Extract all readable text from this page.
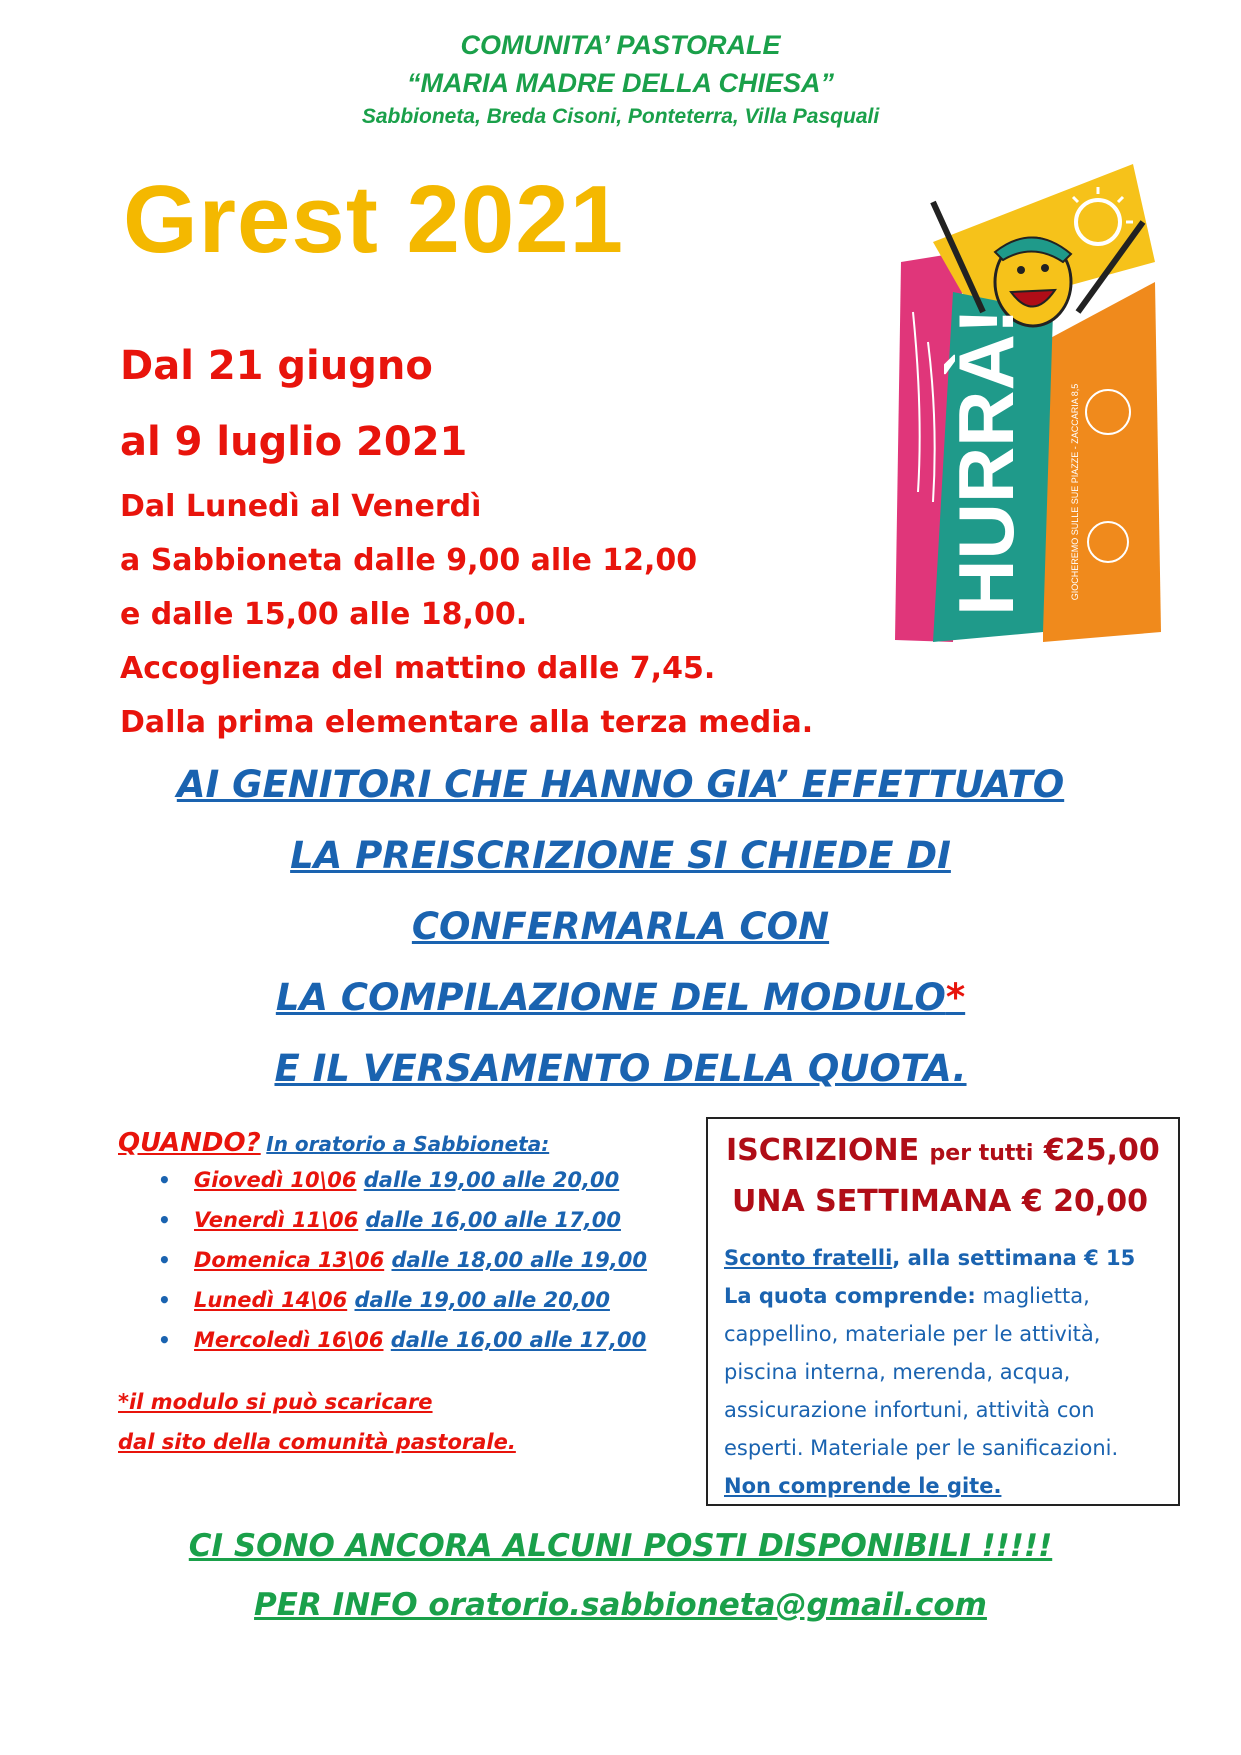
COMUNITA’ PASTORALE
“MARIA MADRE DELLA CHIESA”
Sabbioneta, Breda Cisoni, Ponteterra, Villa Pasquali
Grest 2021
Dal 21 giugno
al 9 luglio 2021
Dal Lunedì al Venerdì
a Sabbioneta dalle 9,00 alle 12,00
e dalle 15,00 alle 18,00.
Accoglienza del mattino dalle 7,45.
Dalla prima elementare alla terza media.
HURRÀ!	GIOCHEREMO SULLE SUE PIAZZE - ZACCARIA 8,5
AI GENITORI CHE HANNO GIA’ EFFETTUATO
LA PREISCRIZIONE SI CHIEDE DI
CONFERMARLA CON
LA COMPILAZIONE DEL MODULO*
E IL VERSAMENTO DELLA QUOTA.
QUANDO? In oratorio a Sabbioneta:
• Giovedì 10\06 dalle 19,00 alle 20,00
• Venerdì 11\06 dalle 16,00 alle 17,00
• Domenica 13\06 dalle 18,00 alle 19,00
• Lunedì 14\06 dalle 19,00 alle 20,00
• Mercoledì 16\06 dalle 16,00 alle 17,00
*il modulo si può scaricare
dal sito della comunità pastorale.
ISCRIZIONE per tutti €25,00
UNA SETTIMANA € 20,00
Sconto fratelli, alla settimana € 15
La quota comprende: maglietta, cappellino, materiale per le attività, piscina interna, merenda, acqua, assicurazione infortuni, attività con esperti. Materiale per le sanificazioni.
Non comprende le gite.
CI SONO ANCORA ALCUNI POSTI DISPONIBILI !!!!!
PER INFO oratorio.sabbioneta@gmail.com
